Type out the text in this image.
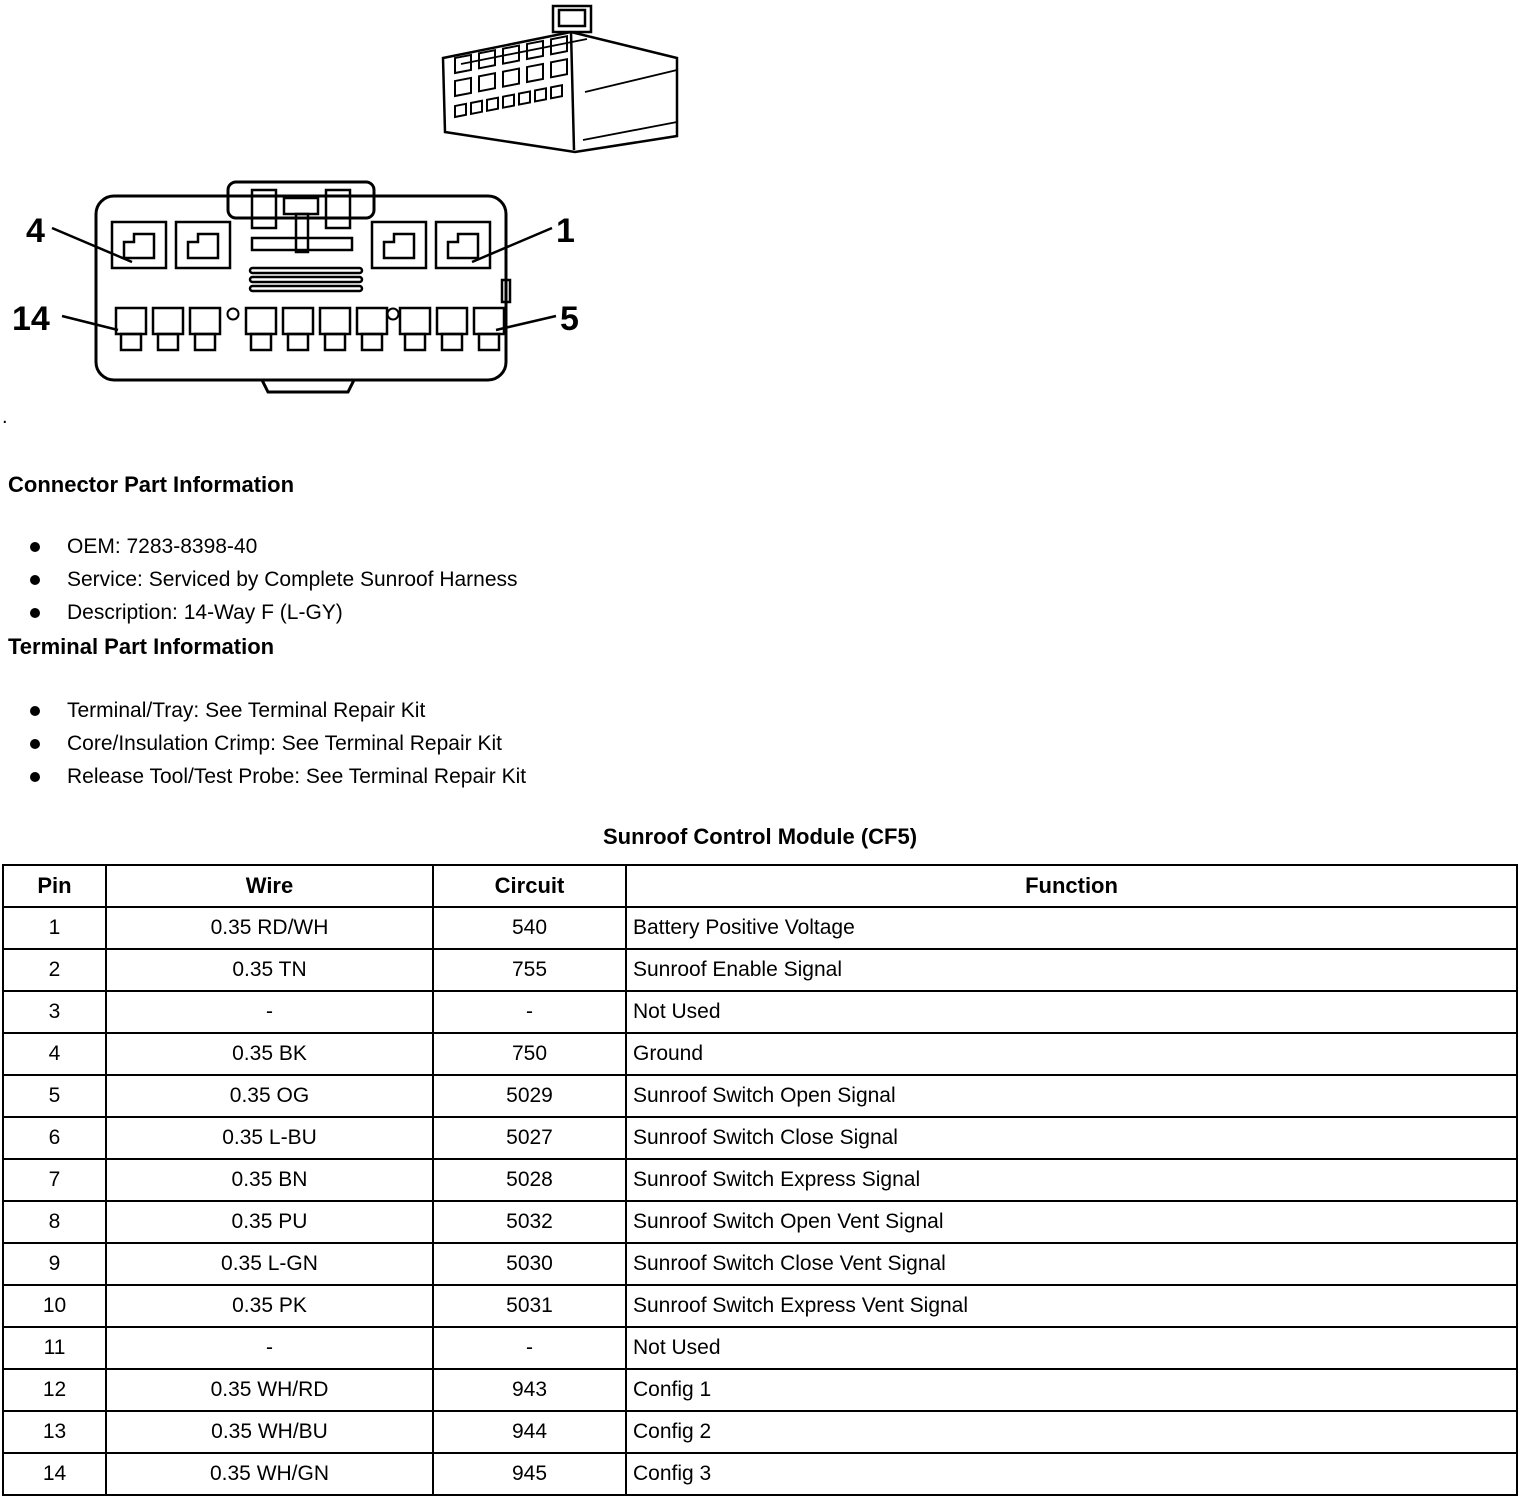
4	1
14	5
.
Connector Part Information
OEM: 7283-8398-40
Service: Serviced by Complete Sunroof Harness
Description: 14-Way F (L-GY)
Terminal Part Information
Terminal/Tray: See Terminal Repair Kit
Core/Insulation Crimp: See Terminal Repair Kit
Release Tool/Test Probe: See Terminal Repair Kit
Sunroof Control Module (CF5)
Pin	Wire	Circuit	Function
1	0.35 RD/WH	540	Battery Positive Voltage
2	0.35 TN	755	Sunroof Enable Signal
3	-	-	Not Used
4	0.35 BK	750	Ground
5	0.35 OG	5029	Sunroof Switch Open Signal
6	0.35 L-BU	5027	Sunroof Switch Close Signal
7	0.35 BN	5028	Sunroof Switch Express Signal
8	0.35 PU	5032	Sunroof Switch Open Vent Signal
9	0.35 L-GN	5030	Sunroof Switch Close Vent Signal
10	0.35 PK	5031	Sunroof Switch Express Vent Signal
11	-	-	Not Used
12	0.35 WH/RD	943	Config 1
13	0.35 WH/BU	944	Config 2
14	0.35 WH/GN	945	Config 3
